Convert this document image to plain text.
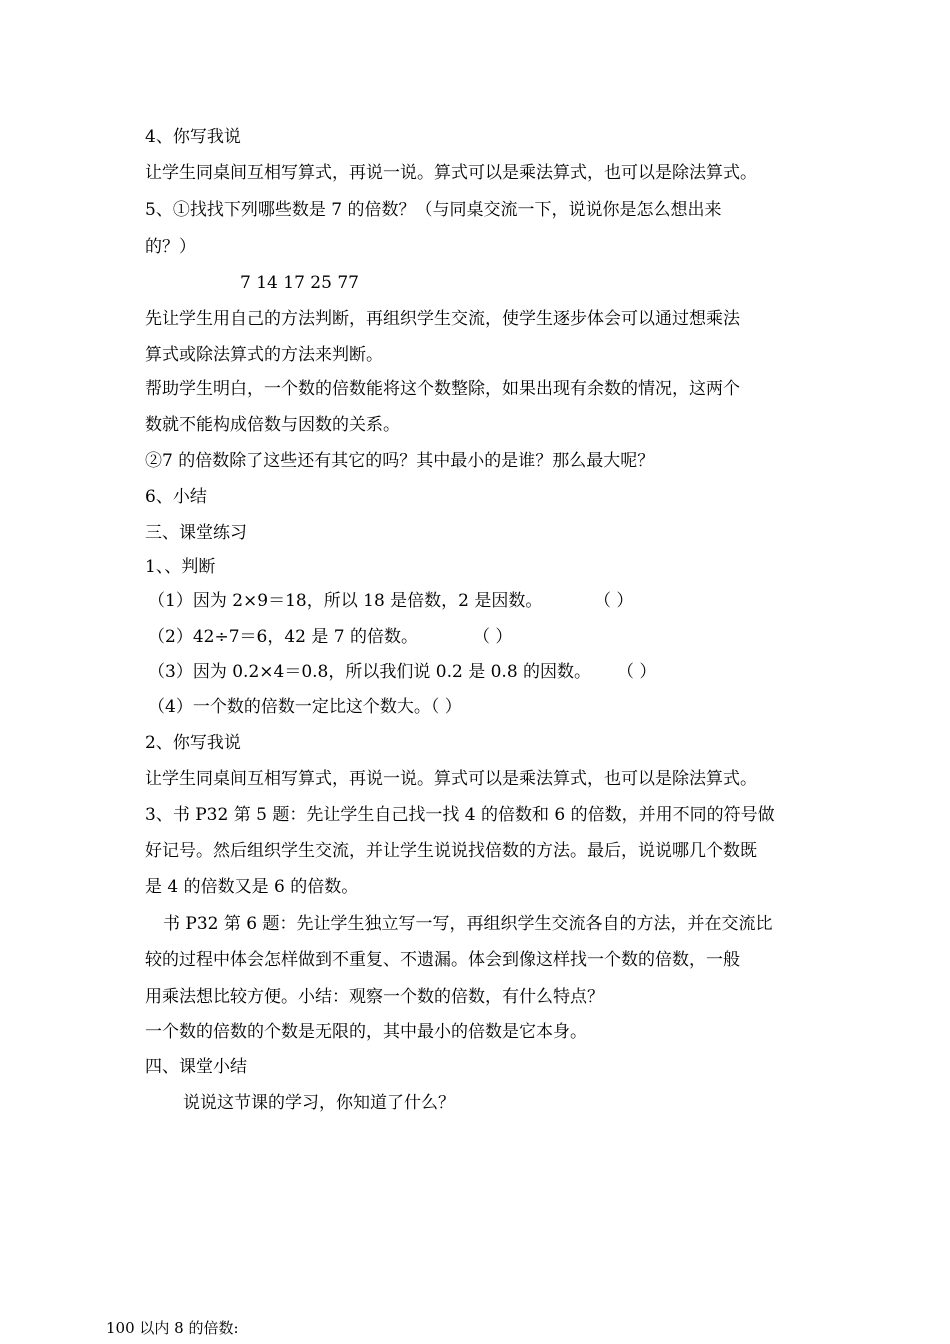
4、你写我说
让学生同桌间互相写算式，再说一说。算式可以是乘法算式，也可以是除法算式。
5、①找找下列哪些数是 7 的倍数？（与同桌交流一下，说说你是怎么想出来
的？）
7 14 17 25 77
先让学生用自己的方法判断，再组织学生交流，使学生逐步体会可以通过想乘法
算式或除法算式的方法来判断。
帮助学生明白，一个数的倍数能将这个数整除，如果出现有余数的情况，这两个
数就不能构成倍数与因数的关系。
②7 的倍数除了这些还有其它的吗？其中最小的是谁？那么最大呢？
6、小结
三、课堂练习
1、、判断
（1）因为 2×9＝18，所以 18 是倍数，2 是因数。	（ ）
（2）42÷7＝6，42 是 7 的倍数。	（ ）
（3）因为 0.2×4＝0.8，所以我们说 0.2 是 0.8 的因数。 （ ）
（4）一个数的倍数一定比这个数大。（ ）
2、你写我说
让学生同桌间互相写算式，再说一说。算式可以是乘法算式，也可以是除法算式。
3、书 P32 第 5 题：先让学生自己找一找 4 的倍数和 6 的倍数，并用不同的符号做
好记号。然后组织学生交流，并让学生说说找倍数的方法。最后，说说哪几个数既
是 4 的倍数又是 6 的倍数。
书 P32 第 6 题：先让学生独立写一写，再组织学生交流各自的方法，并在交流比
较的过程中体会怎样做到不重复、不遗漏。体会到像这样找一个数的倍数，一般
用乘法想比较方便。小结：观察一个数的倍数，有什么特点？
一个数的倍数的个数是无限的，其中最小的倍数是它本身。
四、课堂小结
说说这节课的学习，你知道了什么？
100 以内 8 的倍数:
